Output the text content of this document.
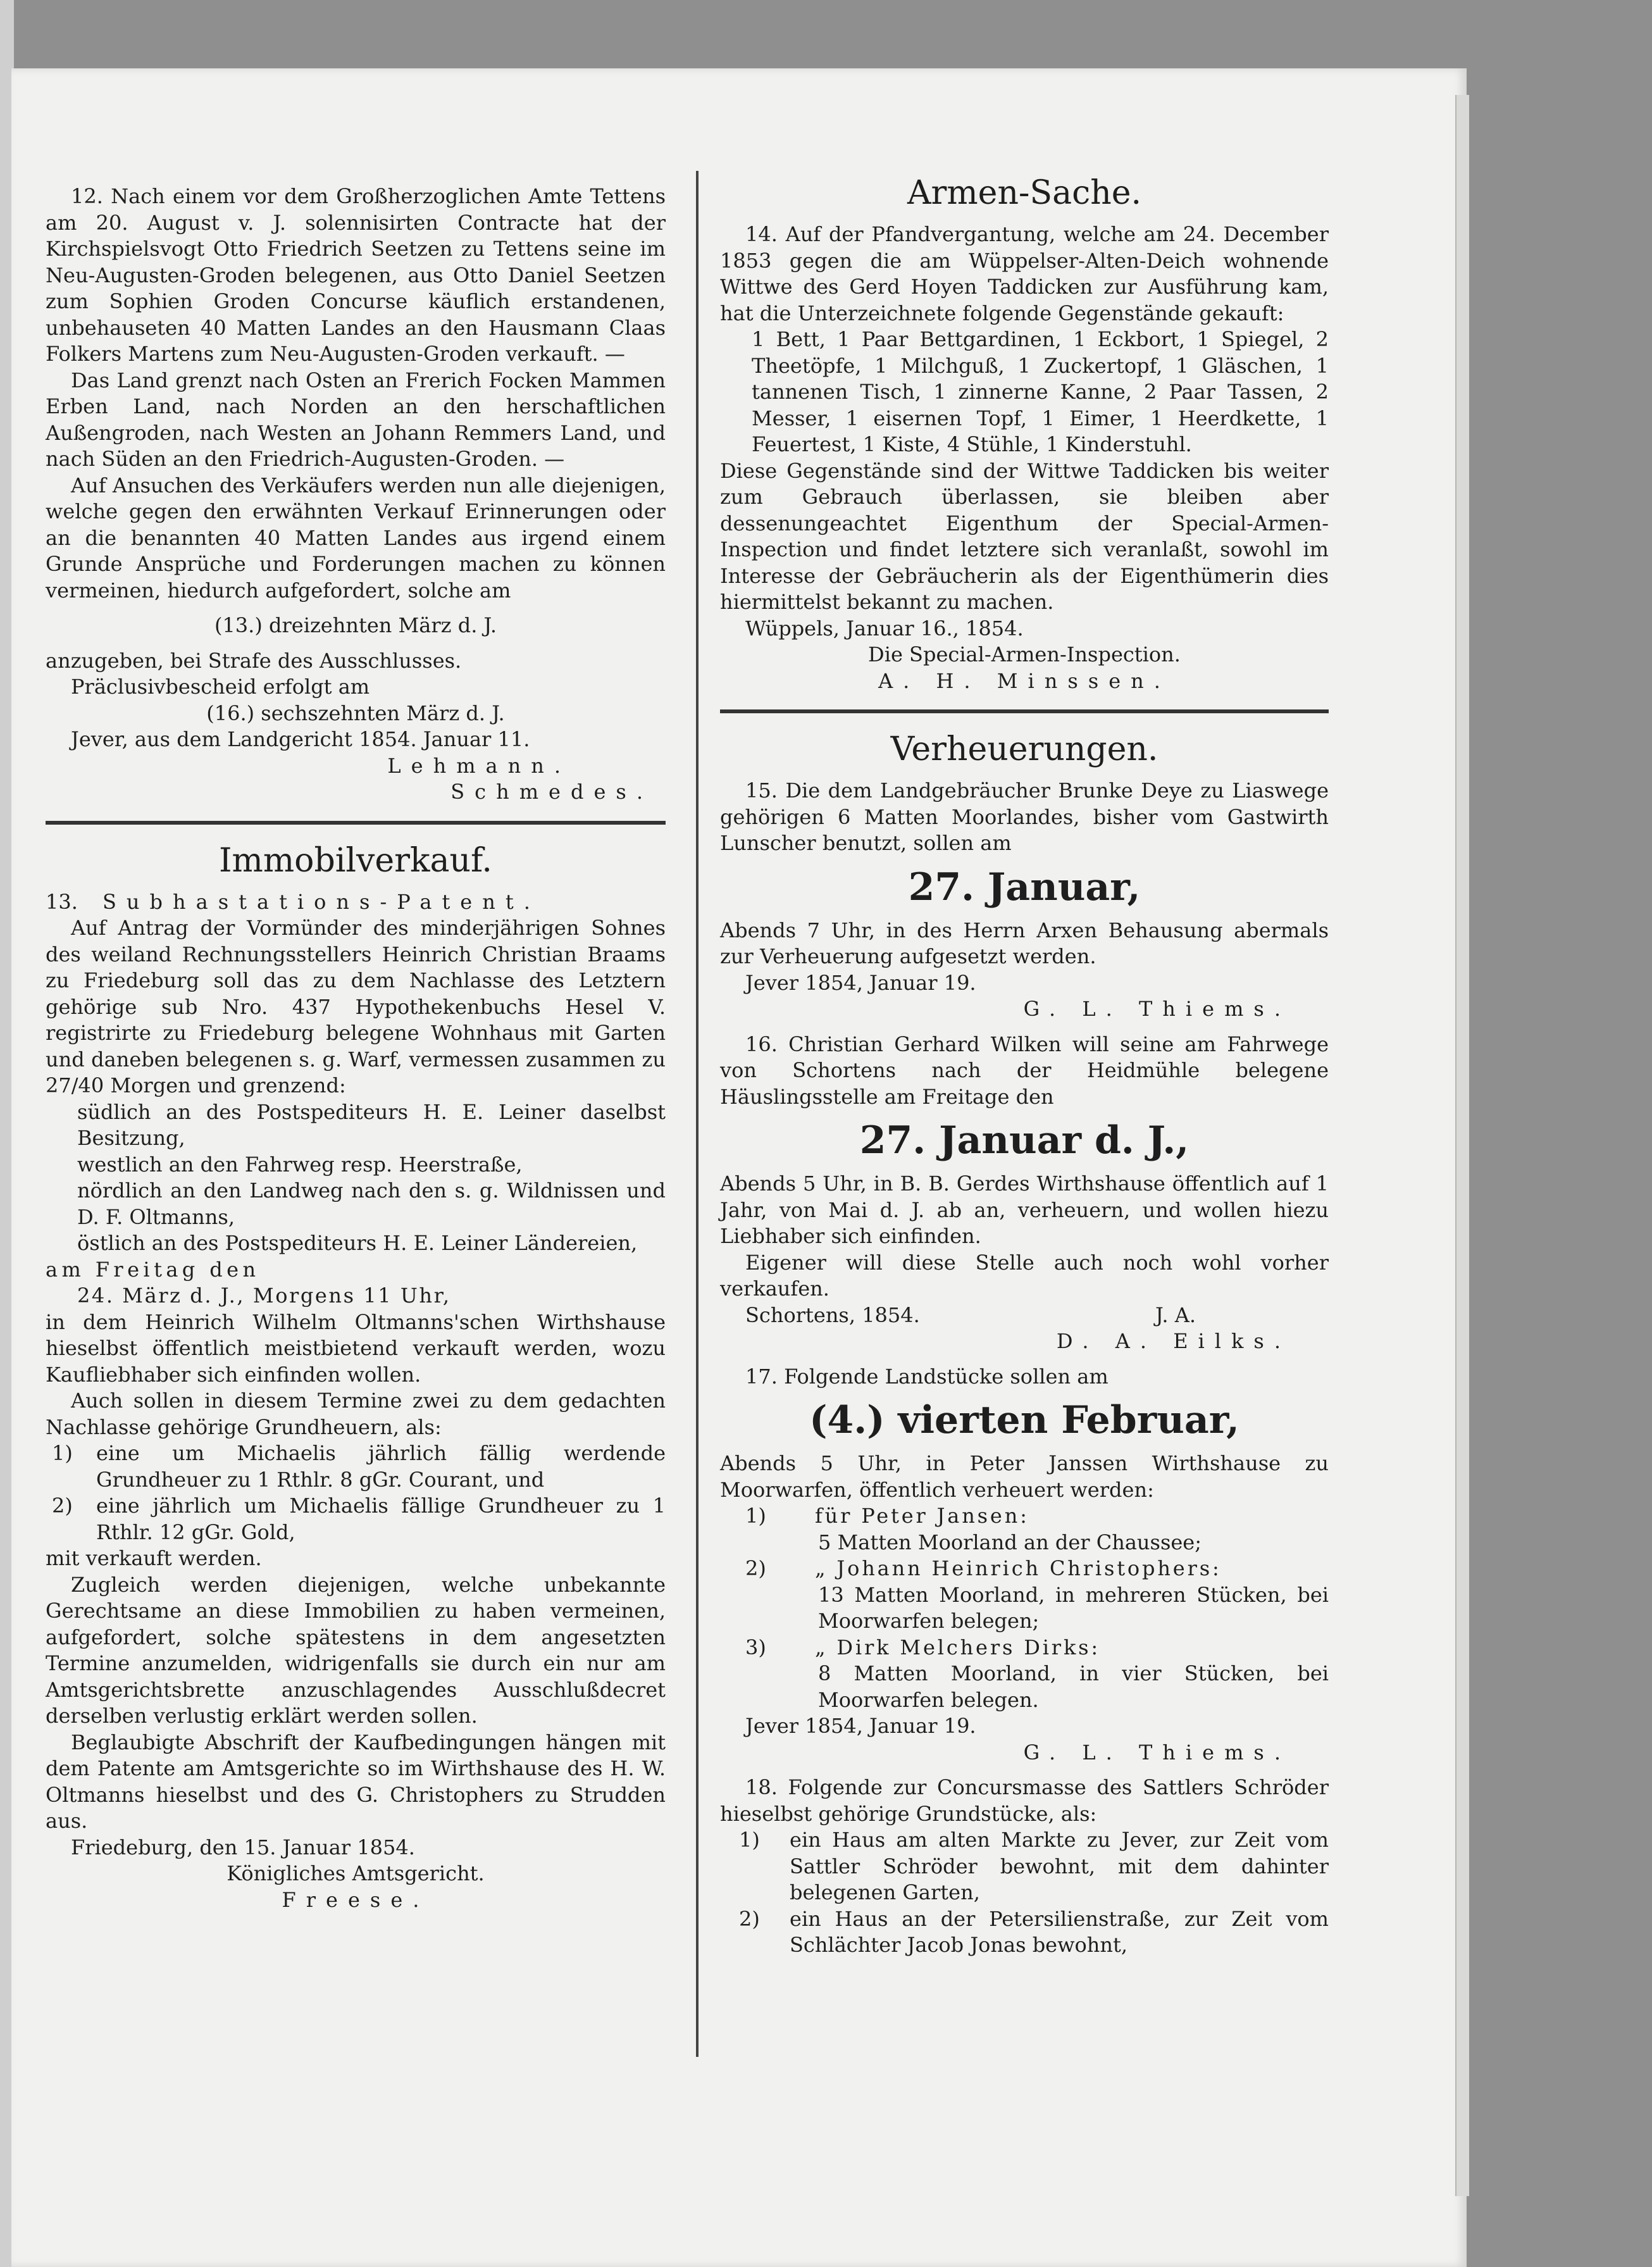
12. Nach einem vor dem Großherzoglichen Amte Tettens am 20. August v. J. solennisirten Contracte hat der Kirchspielsvogt Otto Friedrich Seetzen zu Tettens seine im Neu-Augusten-Groden belegenen, aus Otto Daniel Seetzen zum Sophien Groden Concurse käuflich erstandenen, unbehauseten 40 Matten Landes an den Hausmann Claas Folkers Martens zum Neu-Augusten-Groden verkauft. —

Das Land grenzt nach Osten an Frerich Focken Mammen Erben Land, nach Norden an den herschaftlichen Außengroden, nach Westen an Johann Remmers Land, und nach Süden an den Friedrich-Augusten-Groden. —

Auf Ansuchen des Verkäufers werden nun alle diejenigen, welche gegen den erwähnten Verkauf Erinnerungen oder an die benannten 40 Matten Landes aus irgend einem Grunde Ansprüche und Forderungen machen zu können vermeinen, hiedurch aufgefordert, solche am

(13.) dreizehnten März d. J.

anzugeben, bei Strafe des Ausschlusses.

Präclusivbescheid erfolgt am

(16.) sechszehnten März d. J.

Jever, aus dem Landgericht 1854. Januar 11.

Lehmann.

Schmedes.

Immobilverkauf.
13.	Subhastations-Patent.

Auf Antrag der Vormünder des minderjährigen Sohnes des weiland Rechnungsstellers Heinrich Christian Braams zu Friedeburg soll das zu dem Nachlasse des Letztern gehörige sub Nro. 437 Hypothekenbuchs Hesel V. registrirte zu Friedeburg belegene Wohnhaus mit Garten und daneben belegenen s. g. Warf, vermessen zusammen zu 27/40 Morgen und grenzend:

südlich an des Postspediteurs H. E. Leiner daselbst Besitzung,

westlich an den Fahrweg resp. Heerstraße,

nördlich an den Landweg nach den s. g. Wildnissen und D. F. Oltmanns,

östlich an des Postspediteurs H. E. Leiner Ländereien,

am Freitag den

24. März d. J., Morgens 11 Uhr,

in dem Heinrich Wilhelm Oltmanns'schen Wirthshause hieselbst öffentlich meistbietend verkauft werden, wozu Kaufliebhaber sich einfinden wollen.

Auch sollen in diesem Termine zwei zu dem gedachten Nachlasse gehörige Grundheuern, als:

1)	eine um Michaelis jährlich fällig werdende Grundheuer zu 1 Rthlr. 8 gGr. Courant, und
2)	eine jährlich um Michaelis fällige Grundheuer zu 1 Rthlr. 12 gGr. Gold,

mit verkauft werden.

Zugleich werden diejenigen, welche unbekannte Gerechtsame an diese Immobilien zu haben vermeinen, aufgefordert, solche spätestens in dem angesetzten Termine anzumelden, widrigenfalls sie durch ein nur am Amtsgerichtsbrette anzuschlagendes Ausschlußdecret derselben verlustig erklärt werden sollen.

Beglaubigte Abschrift der Kaufbedingungen hängen mit dem Patente am Amtsgerichte so im Wirthshause des H. W. Oltmanns hieselbst und des G. Christophers zu Strudden aus.

Friedeburg, den 15. Januar 1854.

Königliches Amtsgericht.

Freese.

Armen-Sache.

14. Auf der Pfandvergantung, welche am 24. December 1853 gegen die am Wüppelser-Alten-Deich wohnende Wittwe des Gerd Hoyen Taddicken zur Ausführung kam, hat die Unterzeichnete folgende Gegenstände gekauft:

1 Bett, 1 Paar Bettgardinen, 1 Eckbort, 1 Spiegel, 2 Theetöpfe, 1 Milchguß, 1 Zuckertopf, 1 Gläschen, 1 tannenen Tisch, 1 zinnerne Kanne, 2 Paar Tassen, 2 Messer, 1 eisernen Topf, 1 Eimer, 1 Heerdkette, 1 Feuertest, 1 Kiste, 4 Stühle, 1 Kinderstuhl.

Diese Gegenstände sind der Wittwe Taddicken bis weiter zum Gebrauch überlassen, sie bleiben aber dessenungeachtet Eigenthum der Special-Armen-Inspection und findet letztere sich veranlaßt, sowohl im Interesse der Gebräucherin als der Eigenthümerin dies hiermittelst bekannt zu machen.

Wüppels, Januar 16., 1854.

Die Special-Armen-Inspection.

A. H. Minssen.

Verheuerungen.

15. Die dem Landgebräucher Brunke Deye zu Liaswege gehörigen 6 Matten Moorlandes, bisher vom Gastwirth Lunscher benutzt, sollen am

27. Januar,

Abends 7 Uhr, in des Herrn Arxen Behausung abermals zur Verheuerung aufgesetzt werden.

Jever 1854, Januar 19.

G. L. Thiems.

16. Christian Gerhard Wilken will seine am Fahrwege von Schortens nach der Heidmühle belegene Häuslingsstelle am Freitage den

27. Januar d. J.,

Abends 5 Uhr, in B. B. Gerdes Wirthshause öffentlich auf 1 Jahr, von Mai d. J. ab an, verheuern, und wollen hiezu Liebhaber sich einfinden.

Eigener will diese Stelle auch noch wohl vorher verkaufen.

Schortens, 1854.	J. A.

D. A. Eilks.

17. Folgende Landstücke sollen am

(4.) vierten Februar,

Abends 5 Uhr, in Peter Janssen Wirthshause zu Moorwarfen, öffentlich verheuert werden:

1)	für Peter Jansen:

5 Matten Moorland an der Chaussee;

2)	„ Johann Heinrich Christophers:

13 Matten Moorland, in mehreren Stücken, bei Moorwarfen belegen;

3)	„ Dirk Melchers Dirks:

8 Matten Moorland, in vier Stücken, bei Moorwarfen belegen.

Jever 1854, Januar 19.

G. L. Thiems.

18. Folgende zur Concursmasse des Sattlers Schröder hieselbst gehörige Grundstücke, als:

1)	ein Haus am alten Markte zu Jever, zur Zeit vom Sattler Schröder bewohnt, mit dem dahinter belegenen Garten,
2)	ein Haus an der Petersilienstraße, zur Zeit vom Schlächter Jacob Jonas bewohnt,
